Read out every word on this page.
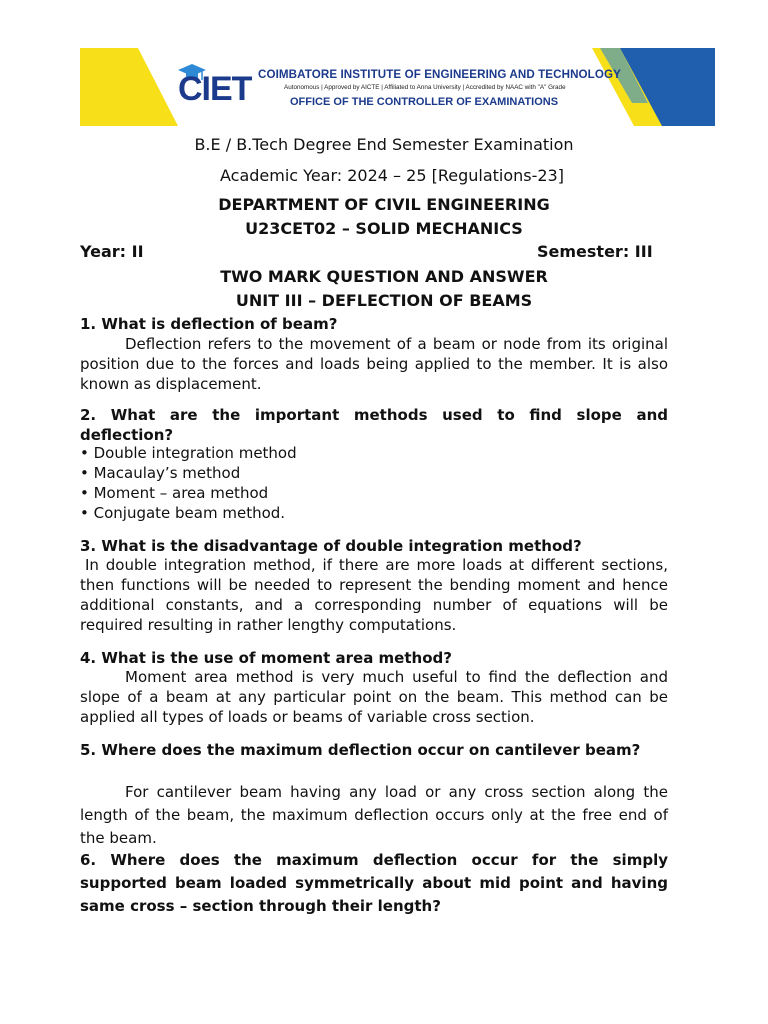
CIET COIMBATORE INSTITUTE OF ENGINEERING AND TECHNOLOGY
Autonomous | Approved by AICTE | Affiliated to Anna University | Accredited by NAAC with "A" Grade
OFFICE OF THE CONTROLLER OF EXAMINATIONS
B.E / B.Tech Degree End Semester Examination
Academic Year: 2024 – 25 [Regulations-23]
DEPARTMENT OF CIVIL ENGINEERING
U23CET02 – SOLID MECHANICS
Year: II	Semester: III
TWO MARK QUESTION AND ANSWER
UNIT III – DEFLECTION OF BEAMS
1. What is deflection of beam?
Deflection refers to the movement of a beam or node from its original position due to the forces and loads being applied to the member. It is also known as displacement.
2. What are the important methods used to find slope and deflection?
• Double integration method
• Macaulay’s method
• Moment – area method
• Conjugate beam method.
3. What is the disadvantage of double integration method?
In double integration method, if there are more loads at different sections, then functions will be needed to represent the bending moment and hence additional constants, and a corresponding number of equations will be required resulting in rather lengthy computations.
4. What is the use of moment area method?
Moment area method is very much useful to find the deflection and slope of a beam at any particular point on the beam. This method can be applied all types of loads or beams of variable cross section.
5. Where does the maximum deflection occur on cantilever beam?
For cantilever beam having any load or any cross section along the length of the beam, the maximum deflection occurs only at the free end of the beam.
6. Where does the maximum deflection occur for the simply supported beam loaded symmetrically about mid point and having same cross – section through their length?
